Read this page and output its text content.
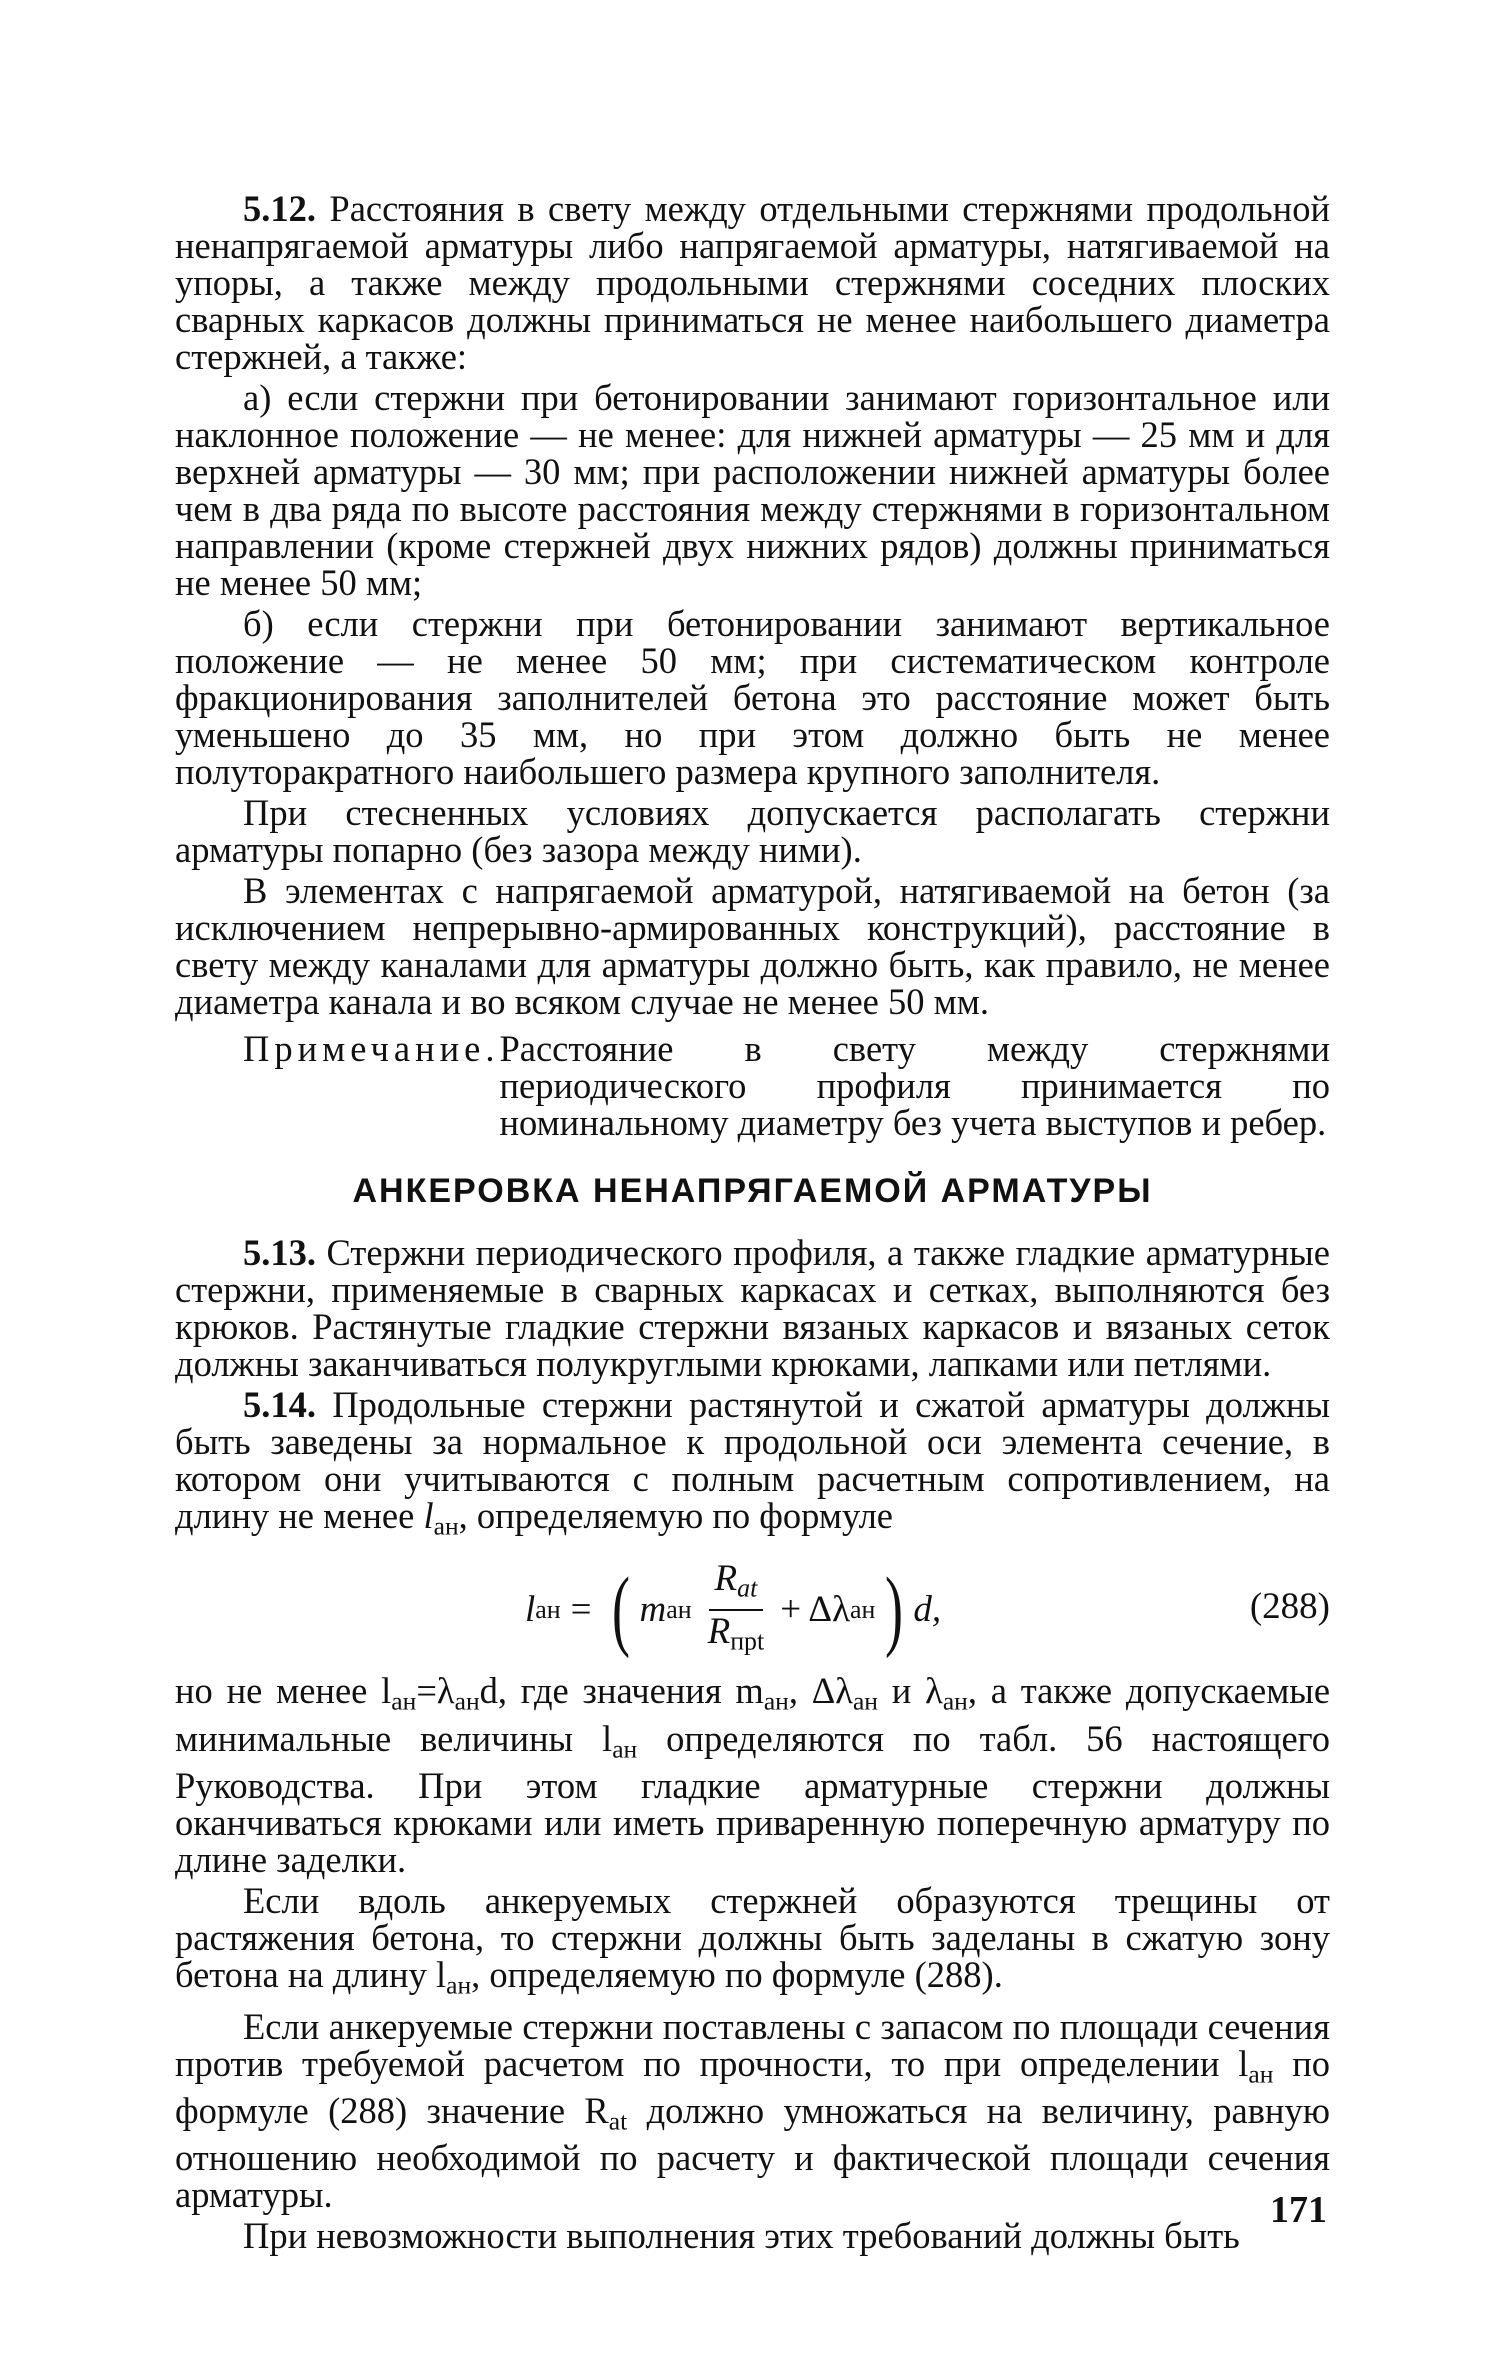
5.12. Расстояния в свету между отдельными стержнями продольной ненапрягаемой арматуры либо напрягаемой арматуры, натягиваемой на упоры, а также между продольными стержнями соседних плоских сварных каркасов должны приниматься не менее наибольшего диаметра стержней, а также:

а) если стержни при бетонировании занимают горизонтальное или наклонное положение — не менее: для нижней арматуры — 25 мм и для верхней арматуры — 30 мм; при расположении нижней арматуры более чем в два ряда по высоте расстояния между стержнями в горизонтальном направлении (кроме стержней двух нижних рядов) должны приниматься не менее 50 мм;

б) если стержни при бетонировании занимают вертикальное положение — не менее 50 мм; при систематическом контроле фракционирования заполнителей бетона это расстояние может быть уменьшено до 35 мм, но при этом должно быть не менее полуторакратного наибольшего размера крупного заполнителя.

При стесненных условиях допускается располагать стержни арматуры попарно (без зазора между ними).

В элементах с напрягаемой арматурой, натягиваемой на бетон (за исключением непрерывно-армированных конструкций), расстояние в свету между каналами для арматуры должно быть, как правило, не менее диаметра канала и во всяком случае не менее 50 мм.

Примечание. Расстояние в свету между стержнями периодического профиля принимается по номинальному диаметру без учета выступов и ребер.
АНКЕРОВКА НЕНАПРЯГАЕМОЙ АРМАТУРЫ

5.13. Стержни периодического профиля, а также гладкие арматурные стержни, применяемые в сварных каркасах и сетках, выполняются без крюков. Растянутые гладкие стержни вязаных каркасов и вязаных сеток должны заканчиваться полукруглыми крюками, лапками или петлями.

5.14. Продольные стержни растянутой и сжатой арматуры должны быть заведены за нормальное к продольной оси элемента сечение, в котором они учитываются с полным расчетным сопротивлением, на длину не менее $l_{ан}$, определяемую по формуле

l ан = ( m ан $\frac{R_{at}}{R_{прt}} + \Delta\lambda$ ан ) d,	(288)

но не менее $l_{ан}=\lambda_{ан}d$, где значения $m_{ан}$, $\Delta\lambda_{ан}$ и $\lambda_{ан}$, а также допускаемые минимальные величины $l_{ан}$ определяются по табл. 56 настоящего Руководства. При этом гладкие арматурные стержни должны оканчиваться крюками или иметь приваренную поперечную арматуру по длине заделки.

Если вдоль анкеруемых стержней образуются трещины от растяжения бетона, то стержни должны быть заделаны в сжатую зону бетона на длину $l_{ан}$, определяемую по формуле (288).

Если анкеруемые стержни поставлены с запасом по площади сечения против требуемой расчетом по прочности, то при определении $l_{ан}$ по формуле (288) значение $R_{at}$ должно умножаться на величину, равную отношению необходимой по расчету и фактической площади сечения арматуры.

При невозможности выполнения этих требований должны быть

171
